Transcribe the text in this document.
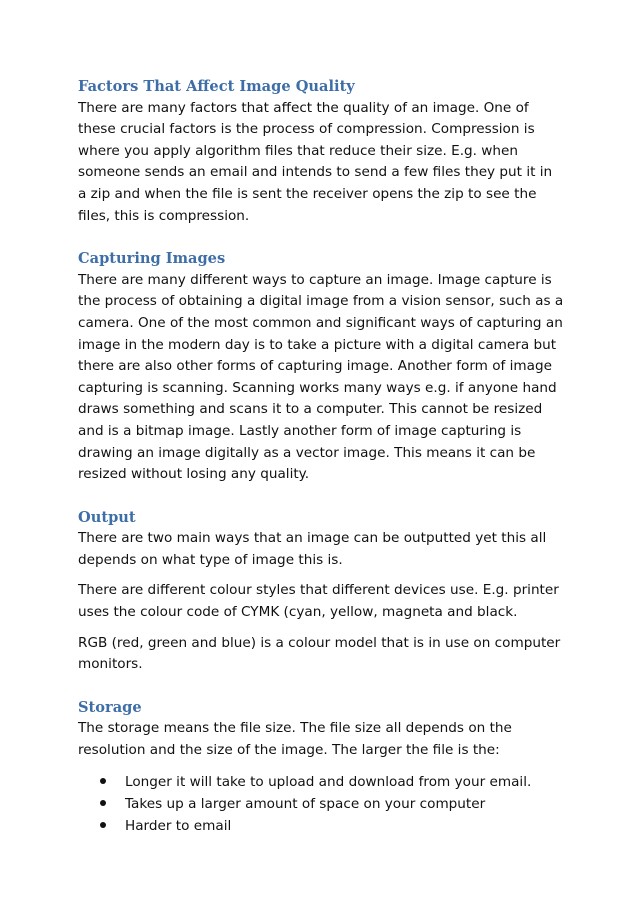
Factors That Affect Image Quality

There are many factors that affect the quality of an image. One of these crucial factors is the process of compression. Compression is where you apply algorithm files that reduce their size. E.g. when someone sends an email and intends to send a few files they put it in a zip and when the file is sent the receiver opens the zip to see the files, this is compression.

Capturing Images

There are many different ways to capture an image. Image capture is the process of obtaining a digital image from a vision sensor, such as a camera. One of the most common and significant ways of capturing an image in the modern day is to take a picture with a digital camera but there are also other forms of capturing image. Another form of image capturing is scanning. Scanning works many ways e.g. if anyone hand draws something and scans it to a computer. This cannot be resized and is a bitmap image. Lastly another form of image capturing is drawing an image digitally as a vector image. This means it can be resized without losing any quality.

Output

There are two main ways that an image can be outputted yet this all depends on what type of image this is.

There are different colour styles that different devices use. E.g. printer uses the colour code of CYMK (cyan, yellow, magneta and black.

RGB (red, green and blue) is a colour model that is in use on computer monitors.

Storage

The storage means the file size. The file size all depends on the resolution and the size of the image. The larger the file is the:

Longer it will take to upload and download from your email.
Takes up a larger amount of space on your computer
Harder to email
